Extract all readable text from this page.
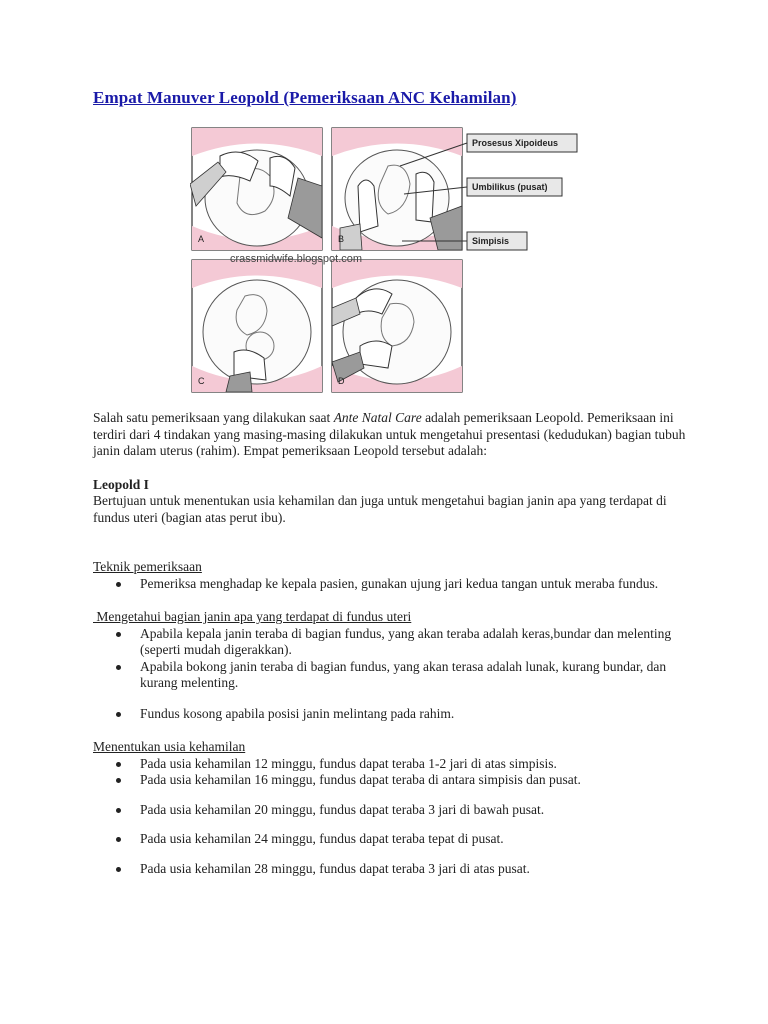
Empat Manuver Leopold (Pemeriksaan ANC Kehamilan)
A	B
C	D
Prosesus Xipoideus
Umbilikus (pusat)
Simpisis
crassmidwife.blogspot.com

Salah satu pemeriksaan yang dilakukan saat Ante Natal Care adalah pemeriksaan Leopold. Pemeriksaan ini terdiri dari 4 tindakan yang masing-masing dilakukan untuk mengetahui presentasi (kedudukan) bagian tubuh janin dalam uterus (rahim). Empat pemeriksaan Leopold tersebut adalah:

Leopold I

Bertujuan untuk menentukan usia kehamilan dan juga untuk mengetahui bagian janin apa yang terdapat di fundus uteri (bagian atas perut ibu).

Teknik pemeriksaan

Pemeriksa menghadap ke kepala pasien, gunakan ujung jari kedua tangan untuk meraba fundus.

Mengetahui bagian janin apa yang terdapat di fundus uteri

Apabila kepala janin teraba di bagian fundus, yang akan teraba adalah keras,bundar dan melenting (seperti mudah digerakkan).
Apabila bokong janin teraba di bagian fundus, yang akan terasa adalah lunak, kurang bundar, dan kurang melenting.
Fundus kosong apabila posisi janin melintang pada rahim.

Menentukan usia kehamilan

Pada usia kehamilan 12 minggu, fundus dapat teraba 1-2 jari di atas simpisis.
Pada usia kehamilan 16 minggu, fundus dapat teraba di antara simpisis dan pusat.
Pada usia kehamilan 20 minggu, fundus dapat teraba 3 jari di bawah pusat.
Pada usia kehamilan 24 minggu, fundus dapat teraba tepat di pusat.
Pada usia kehamilan 28 minggu, fundus dapat teraba 3 jari di atas pusat.
